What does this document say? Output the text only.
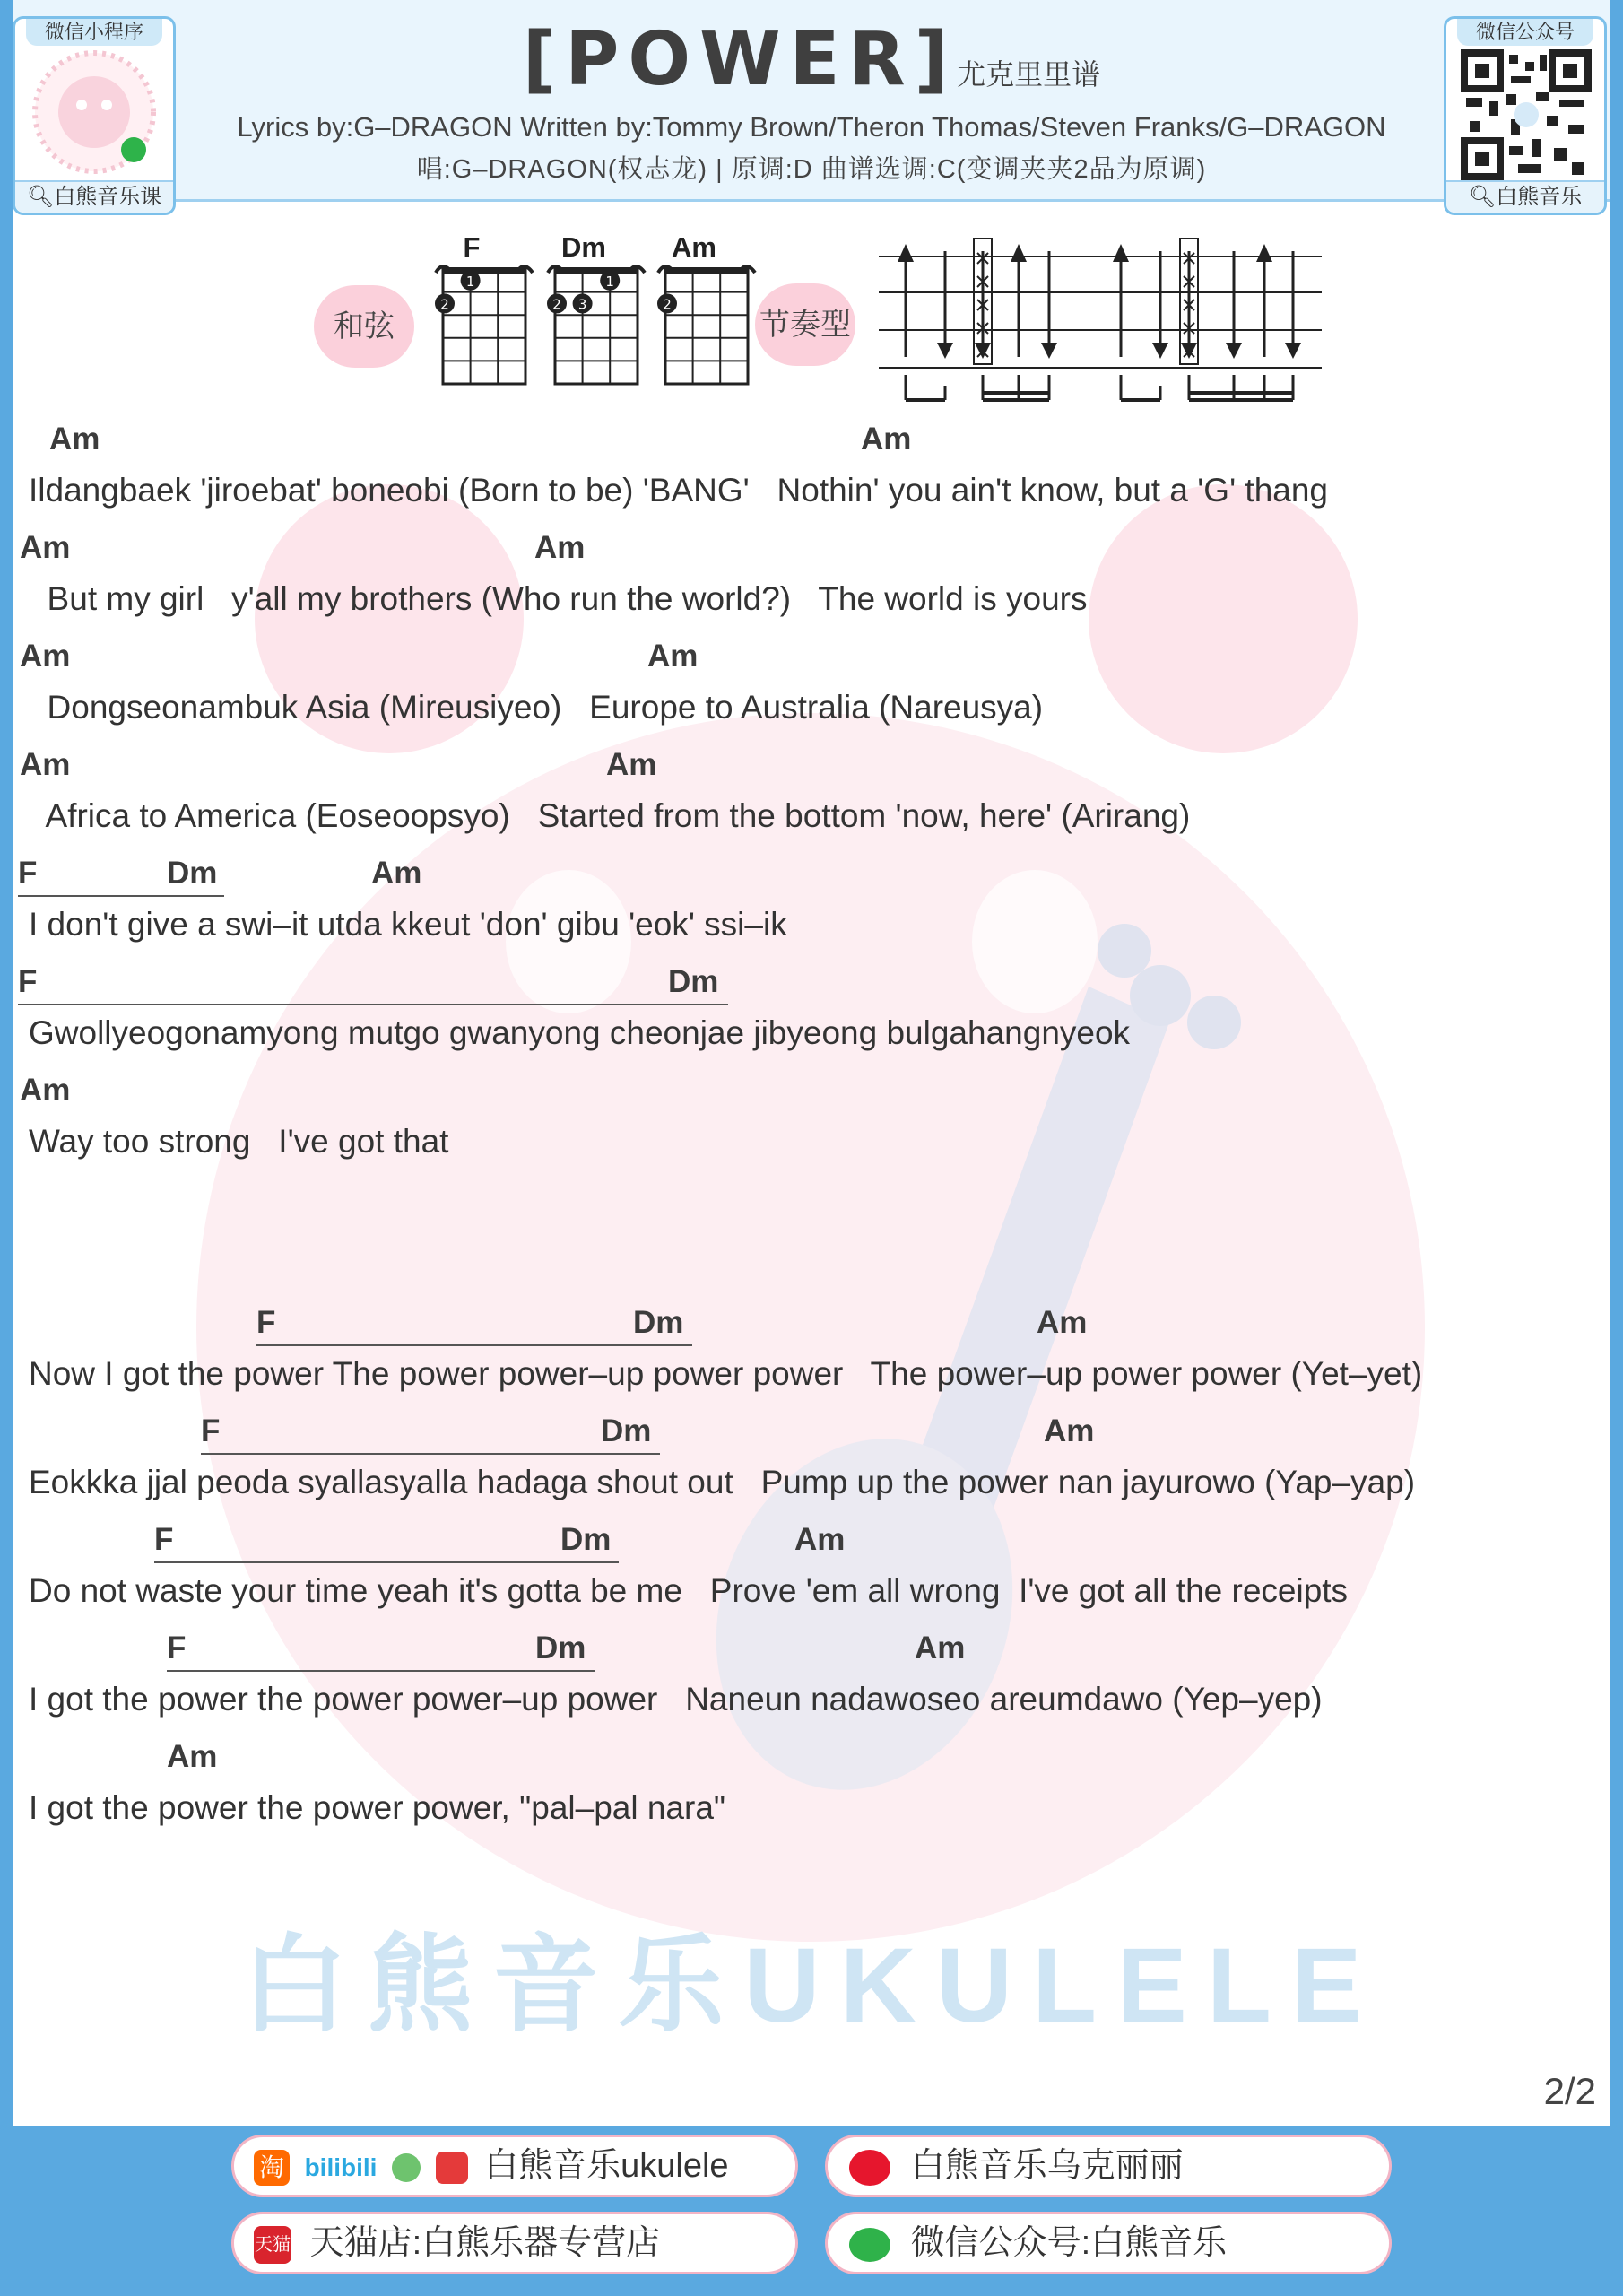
微信小程序
🔍︎白熊音乐课
微信公众号
🔍︎白熊音乐
[POWER]尤克里里谱
Lyrics by:G–DRAGON Written by:Tommy Brown/Theron Thomas/Steven Franks/G–DRAGON
唱:G–DRAGON(权志龙) | 原调:D 曲谱选调:C(变调夹夹2品为原调)
和弦
F	Dm	Am
1
2
1
2 3	2
节奏型
Am	Am
Ildangbaek 'jiroebat' boneobi (Born to be) 'BANG'   Nothin' you ain't know, but a 'G' thang
Am	Am
But my girl   y'all my brothers (Who run the world?)   The world is yours
Am	Am
Dongseonambuk Asia (Mireusiyeo)   Europe to Australia (Nareusya)
Am	Am
Africa to America (Eoseoopsyo)   Started from the bottom 'now, here' (Arirang)
F	Dm	Am
I don't give a swi–it utda kkeut 'don' gibu 'eok' ssi–ik
F	Dm
Gwollyeogonamyong mutgo gwanyong cheonjae jibyeong bulgahangnyeok
Am
Way too strong   I've got that
F	Dm	Am
Now I got the power The power power–up power power   The power–up power power (Yet–yet)
F	Dm	Am
Eokkka jjal peoda syallasyalla hadaga shout out   Pump up the power nan jayurowo (Yap–yap)
F	Dm	Am
Do not waste your time yeah it's gotta be me   Prove 'em all wrong  I've got all the receipts
F	Dm	Am
I got the power the power power–up power   Naneun nadawoseo areumdawo (Yep–yep)
Am
I got the power the power power, "pal–pal nara"
白熊音乐UKULELE
2/2
淘 bilibili	白熊音乐ukulele	白熊音乐乌克丽丽
天猫 天猫店:白熊乐器专营店	微信公众号:白熊音乐
